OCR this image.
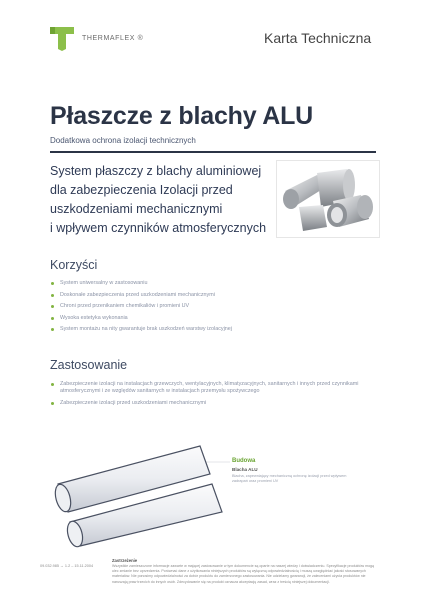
THERMAFLEX ®	Karta Techniczna
Płaszcze z blachy ALU
Dodatkowa ochrona izolacji technicznych
System płaszczy z blachy aluminiowej
dla zabezpieczenia Izolacji przed
uszkodzeniami mechanicznymi
i wpływem czynników atmosferycznych
Korzyści
System uniwersalny w zastosowaniu
Doskonałe zabezpieczenia przed uszkodzeniami mechanicznymi
Chroni przed przenikaniem chemikaliów i promieni UV
Wysoka estetyka wykonania
System montażu na nity gwarantuje brak uszkodzeń warstwy izolacyjnej
Zastosowanie
Zabezpieczenie izolacji na instalacjach grzewczych, wentylacyjnych, klimatyzacyjnych, sanitarnych i innych przed czynnikami atmosferycznymi i ze względów sanitarnych w instalacjach przemysłu spożywczego
Zabezpieczenie izolacji przed uszkodzeniami mechanicznymi
Budowa
Blacha ALU
Blacha, zapewniający mechaniczną ochronę izolacji przed wpływem zadrapań oraz promieni UV
09.032.985 → 1.2 – 15.11.2004
Zastrzeżenie
Wszystkie zamieszczone informacje zawarte w mającej zastosowanie w tym dokumencie są oparte na naszej wiedzy i doświadczeniu. Specyfikacje produktów mogą ulec zmianie bez uprzedzenia. Porównać dane z użytkowania niniejszych produktów są wyłączną odpowiedzialnością i muszą uwzględniać jakość stosowanych materiałów. Nie ponosimy odpowiedzialności za dobór produktu do zamierzonego zastosowania. Nie udzielamy gwarancji, że zaleceniami użycia produktów nie naruszają praw trzecich do innych osób. Zdecydowanie się na produkt oznacza akceptację zasad, wraz z treścią niniejszej dokumentacji.
